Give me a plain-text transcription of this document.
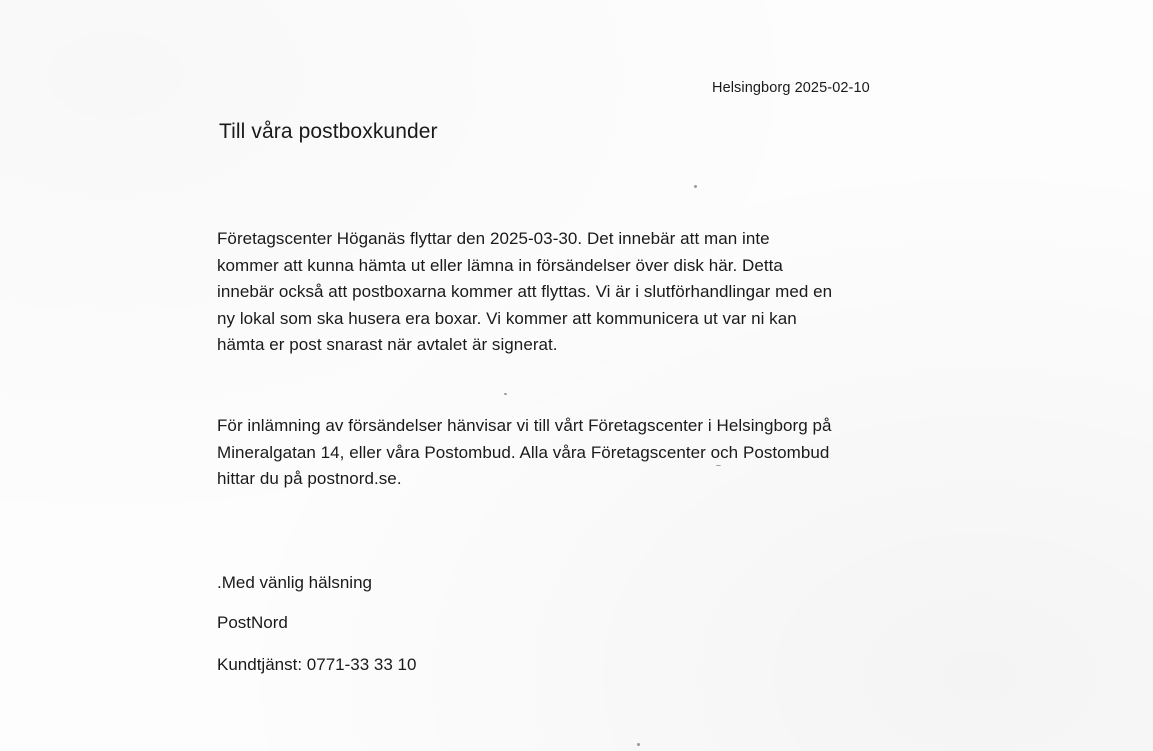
Helsingborg 2025-02-10
Till våra postboxkunder
Företagscenter Höganäs flyttar den 2025-03-30. Det innebär att man inte
kommer att kunna hämta ut eller lämna in försändelser över disk här. Detta
innebär också att postboxarna kommer att flyttas. Vi är i slutförhandlingar med en
ny lokal som ska husera era boxar. Vi kommer att kommunicera ut var ni kan
hämta er post snarast när avtalet är signerat.
För inlämning av försändelser hänvisar vi till vårt Företagscenter i Helsingborg på
Mineralgatan 14, eller våra Postombud. Alla våra Företagscenter och Postombud
hittar du på postnord.se.

.Med vänlig hälsning

PostNord

Kundtjänst: 0771-33 33 10
